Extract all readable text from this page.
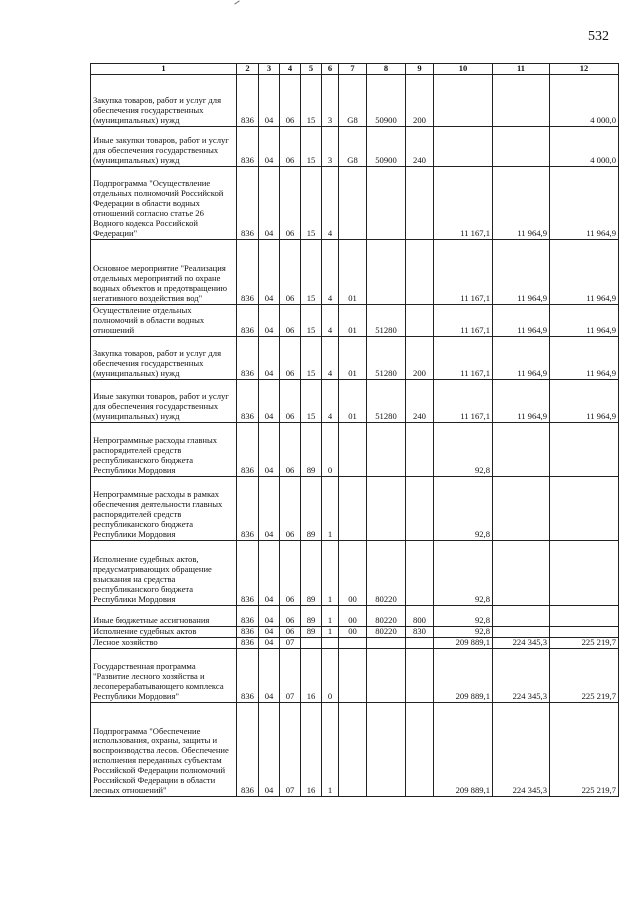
532
1	2	3	4	5	6	7	8	9	10	11	12
Закупка товаров, работ и услуг для обеспечения государственных (муниципальных) нужд	836	04	06	15	3	G8	50900	200			4 000,0
Иные закупки товаров, работ и услуг для обеспечения государственных (муниципальных) нужд	836	04	06	15	3	G8	50900	240			4 000,0
Подпрограмма "Осуществление отдельных полномочий Российской Федерации в области водных отношений согласно статье 26 Водного кодекса Российской Федерации"	836	04	06	15	4				11 167,1	11 964,9	11 964,9
Основное мероприятие "Реализация отдельных мероприятий по охране водных объектов и предотвращению негативного воздействия вод"	836	04	06	15	4	01			11 167,1	11 964,9	11 964,9
Осуществление отдельных полномочий в области водных отношений	836	04	06	15	4	01	51280		11 167,1	11 964,9	11 964,9
Закупка товаров, работ и услуг для обеспечения государственных (муниципальных) нужд	836	04	06	15	4	01	51280	200	11 167,1	11 964,9	11 964,9
Иные закупки товаров, работ и услуг для обеспечения государственных (муниципальных) нужд	836	04	06	15	4	01	51280	240	11 167,1	11 964,9	11 964,9
Непрограммные расходы главных распорядителей средств республиканского бюджета Республики Мордовия	836	04	06	89	0				92,8		
Непрограммные расходы в рамках обеспечения деятельности главных распорядителей средств республиканского бюджета Республики Мордовия	836	04	06	89	1				92,8		
Исполнение судебных актов, предусматривающих обращение взыскания на средства республиканского бюджета Республики Мордовия	836	04	06	89	1	00	80220		92,8		
Иные бюджетные ассигнования	836	04	06	89	1	00	80220	800	92,8		
Исполнение судебных актов	836	04	06	89	1	00	80220	830	92,8		
Лесное хозяйство	836	04	07						209 889,1	224 345,3	225 219,7
Государственная программа "Развитие лесного хозяйства и лесоперерабатывающего комплекса Республики Мордовия"	836	04	07	16	0				209 889,1	224 345,3	225 219,7
Подпрограмма "Обеспечение использования, охраны, защиты и воспроизводства лесов. Обеспечение исполнения переданных субъектам Российской Федерации полномочий Российской Федерации в области лесных отношений"	836	04	07	16	1				209 889,1	224 345,3	225 219,7
